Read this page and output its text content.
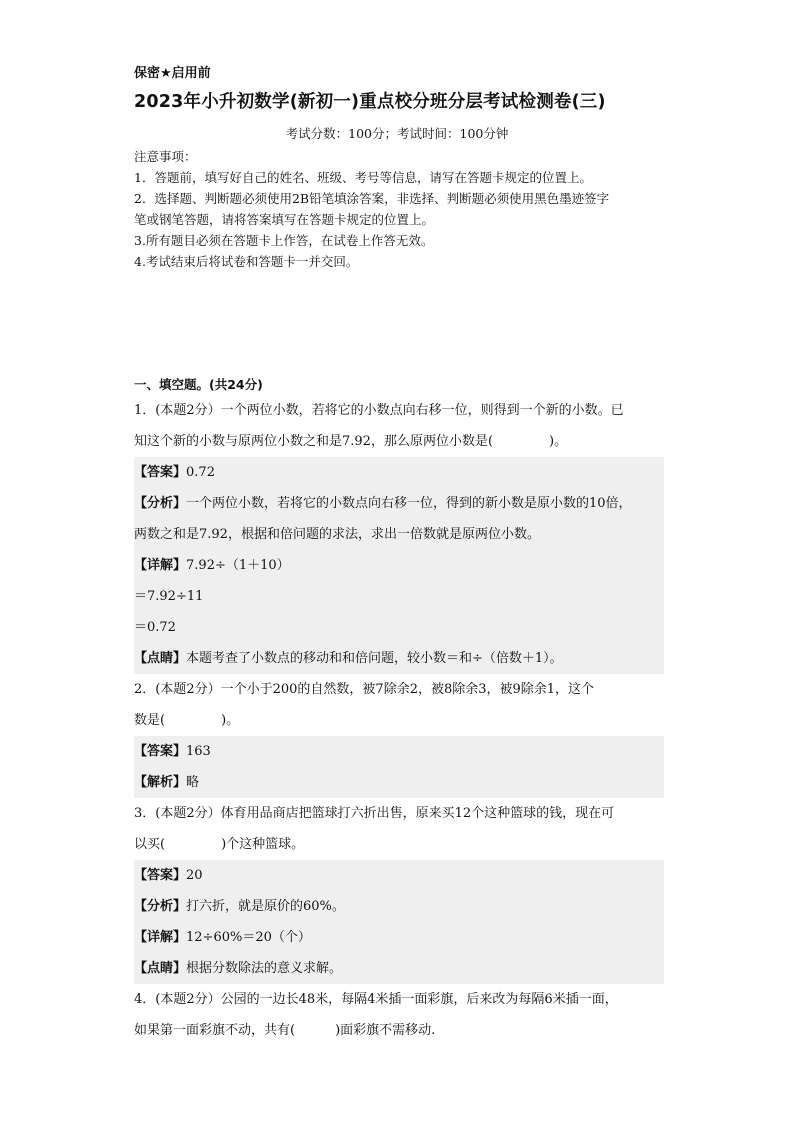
保密★启用前
2023年小升初数学(新初一)重点校分班分层考试检测卷(三)
考试分数：100分；考试时间：100分钟
注意事项：
1．答题前，填写好自己的姓名、班级、考号等信息，请写在答题卡规定的位置上。
2．选择题、判断题必须使用2B铅笔填涂答案，非选择、判断题必须使用黑色墨迹签字
笔或钢笔答题，请将答案填写在答题卡规定的位置上。
3.所有题目必须在答题卡上作答，在试卷上作答无效。
4.考试结束后将试卷和答题卡一并交回。
一、填空题。(共24分)
1．(本题2分）一个两位小数，若将它的小数点向右移一位，则得到一个新的小数。已
知这个新的小数与原两位小数之和是7.92，那么原两位小数是(	)。
【答案】0.72
【分析】一个两位小数，若将它的小数点向右移一位，得到的新小数是原小数的10倍，
两数之和是7.92，根据和倍问题的求法，求出一倍数就是原两位小数。
【详解】7.92÷（1＋10）
＝7.92÷11
＝0.72
【点睛】本题考查了小数点的移动和和倍问题，较小数＝和÷（倍数＋1）。
2．(本题2分）一个小于200的自然数，被7除余2，被8除余3，被9除余1，这个
数是(	)。
【答案】163
【解析】略
3．(本题2分）体育用品商店把篮球打六折出售，原来买12个这种篮球的钱，现在可
以买(	)个这种篮球。
【答案】20
【分析】打六折，就是原价的60%。
【详解】12÷60%＝20（个）
【点睛】根据分数除法的意义求解。
4．(本题2分）公园的一边长48米，每隔4米插一面彩旗，后来改为每隔6米插一面，
如果第一面彩旗不动，共有(	)面彩旗不需移动.
